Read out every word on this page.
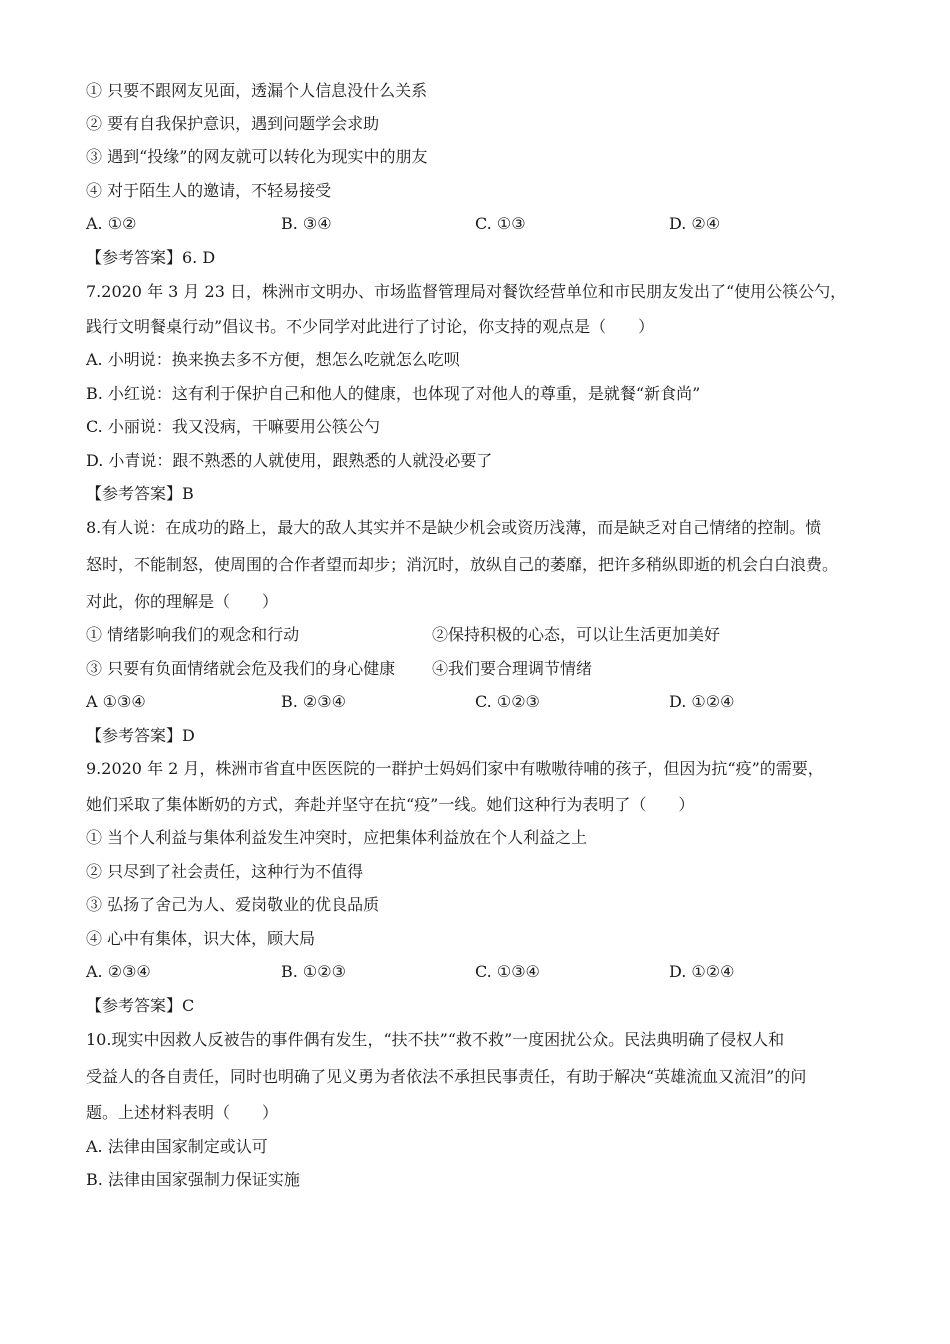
① 只要不跟网友见面，透漏个人信息没什么关系
② 要有自我保护意识，遇到问题学会求助
③ 遇到“投缘”的网友就可以转化为现实中的朋友
④ 对于陌生人的邀请，不轻易接受
A. ①②	B. ③④	C. ①③	D. ②④
【参考答案】6. D
7.2020 年 3 月 23 日，株洲市文明办、市场监督管理局对餐饮经营单位和市民朋友发出了“使用公筷公勺，
践行文明餐桌行动”倡议书。不少同学对此进行了讨论，你支持的观点是（　　）
A. 小明说：换来换去多不方便，想怎么吃就怎么吃呗
B. 小红说：这有利于保护自己和他人的健康，也体现了对他人的尊重，是就餐“新食尚”
C. 小丽说：我又没病，干嘛要用公筷公勺
D. 小青说：跟不熟悉的人就使用，跟熟悉的人就没必要了
【参考答案】B
8.有人说：在成功的路上，最大的敌人其实并不是缺少机会或资历浅薄，而是缺乏对自己情绪的控制。愤
怒时，不能制怒，使周围的合作者望而却步；消沉时，放纵自己的萎靡，把许多稍纵即逝的机会白白浪费。
对此，你的理解是（　　）
① 情绪影响我们的观念和行动	②保持积极的心态，可以让生活更加美好
③ 只要有负面情绪就会危及我们的身心健康 ④我们要合理调节情绪
A ①③④	B. ②③④	C. ①②③	D. ①②④
【参考答案】D
9.2020 年 2 月，株洲市省直中医医院的一群护士妈妈们家中有嗷嗷待哺的孩子，但因为抗“疫”的需要，
她们采取了集体断奶的方式，奔赴并坚守在抗“疫”一线。她们这种行为表明了（　　）
① 当个人利益与集体利益发生冲突时，应把集体利益放在个人利益之上
② 只尽到了社会责任，这种行为不值得
③ 弘扬了舍己为人、爱岗敬业的优良品质
④ 心中有集体，识大体，顾大局
A. ②③④	B. ①②③	C. ①③④	D. ①②④
【参考答案】C
10.现实中因救人反被告的事件偶有发生，“扶不扶”“救不救”一度困扰公众。民法典明确了侵权人和
受益人的各自责任，同时也明确了见义勇为者依法不承担民事责任，有助于解决“英雄流血又流泪”的问
题。上述材料表明（　　）
A. 法律由国家制定或认可
B. 法律由国家强制力保证实施
